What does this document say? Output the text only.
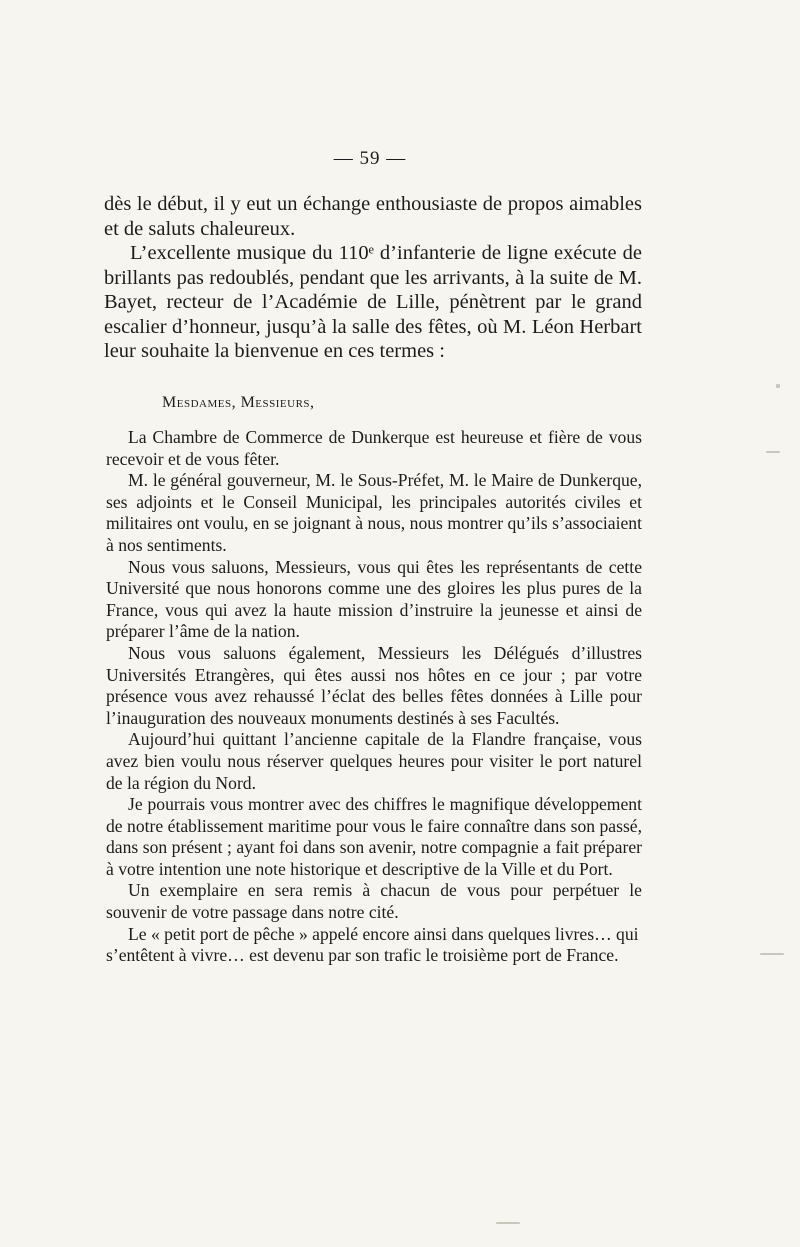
— 59 —

dès le début, il y eut un échange enthousiaste de propos aimables et de saluts chaleureux.

L’excellente musique du 110ᵉ d’infanterie de ligne exécute de brillants pas redoublés, pendant que les arrivants, à la suite de M. Bayet, recteur de l’Académie de Lille, pénètrent par le grand escalier d’honneur, jusqu’à la salle des fêtes, où M. Léon Herbart leur souhaite la bienvenue en ces termes :

Mesdames, Messieurs,

La Chambre de Commerce de Dunkerque est heureuse et fière de vous recevoir et de vous fêter.

M. le général gouverneur, M. le Sous-Préfet, M. le Maire de Dunkerque, ses adjoints et le Conseil Municipal, les principales autorités civiles et militaires ont voulu, en se joignant à nous, nous montrer qu’ils s’associaient à nos sentiments.

Nous vous saluons, Messieurs, vous qui êtes les représentants de cette Université que nous honorons comme une des gloires les plus pures de la France, vous qui avez la haute mission d’instruire la jeunesse et ainsi de préparer l’âme de la nation.

Nous vous saluons également, Messieurs les Délégués d’illustres Universités Etrangères, qui êtes aussi nos hôtes en ce jour ; par votre présence vous avez rehaussé l’éclat des belles fêtes données à Lille pour l’inauguration des nouveaux monuments destinés à ses Facultés.

Aujourd’hui quittant l’ancienne capitale de la Flandre française, vous avez bien voulu nous réserver quelques heures pour visiter le port naturel de la région du Nord.

Je pourrais vous montrer avec des chiffres le magnifique développement de notre établissement maritime pour vous le faire connaître dans son passé, dans son présent ; ayant foi dans son avenir, notre compagnie a fait préparer à votre intention une note historique et descriptive de la Ville et du Port.

Un exemplaire en sera remis à chacun de vous pour perpétuer le souvenir de votre passage dans notre cité.

Le « petit port de pêche » appelé encore ainsi dans quelques livres… qui s’entêtent à vivre… est devenu par son trafic le troisième port de France.
